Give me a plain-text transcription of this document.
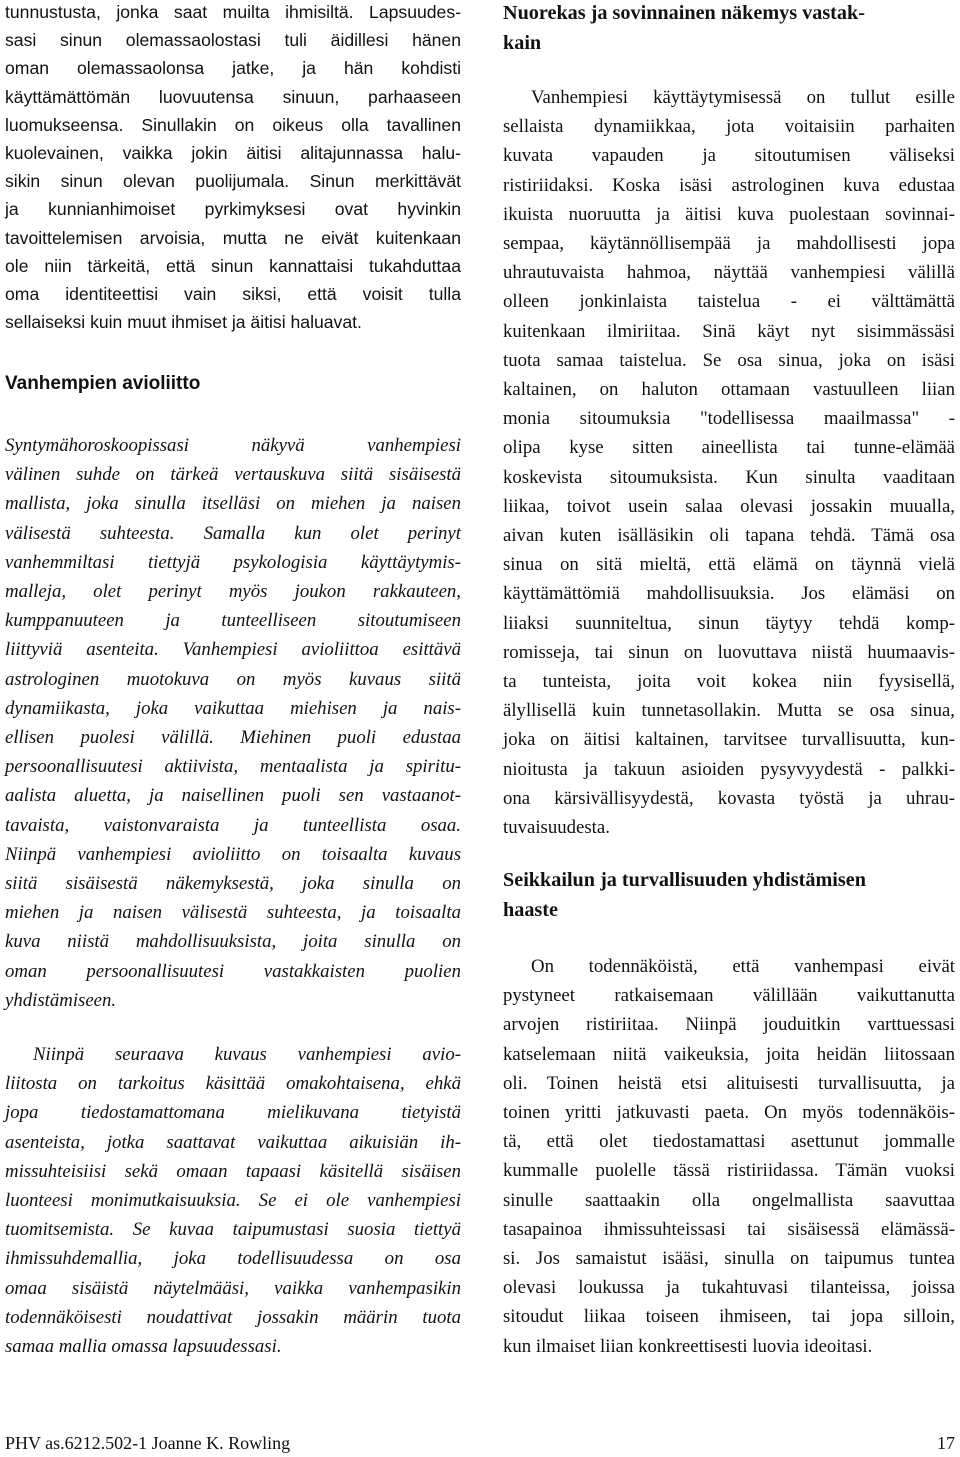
tunnustusta, jonka saat muilta ihmisiltä. Lapsuudes-
sasi sinun olemassaolostasi tuli äidillesi hänen
oman olemassaolonsa jatke, ja hän kohdisti
käyttämättömän luovuutensa sinuun, parhaaseen
luomukseensa. Sinullakin on oikeus olla tavallinen
kuolevainen, vaikka jokin äitisi alitajunnassa halu-
sikin sinun olevan puolijumala. Sinun merkittävät
ja kunnianhimoiset pyrkimyksesi ovat hyvinkin
tavoittelemisen arvoisia, mutta ne eivät kuitenkaan
ole niin tärkeitä, että sinun kannattaisi tukahduttaa
oma identiteettisi vain siksi, että voisit tulla
sellaiseksi kuin muut ihmiset ja äitisi haluavat.
Vanhempien avioliitto
Syntymähoroskoopissasi näkyvä vanhempiesi
välinen suhde on tärkeä vertauskuva siitä sisäisestä
mallista, joka sinulla itselläsi on miehen ja naisen
välisestä suhteesta. Samalla kun olet perinyt
vanhemmiltasi tiettyjä psykologisia käyttäytymis-
malleja, olet perinyt myös joukon rakkauteen,
kumppanuuteen ja tunteelliseen sitoutumiseen
liittyviä asenteita. Vanhempiesi avioliittoa esittävä
astrologinen muotokuva on myös kuvaus siitä
dynamiikasta, joka vaikuttaa miehisen ja nais-
ellisen puolesi välillä. Miehinen puoli edustaa
persoonallisuutesi aktiivista, mentaalista ja spiritu-
aalista aluetta, ja naisellinen puoli sen vastaanot-
tavaista, vaistonvaraista ja tunteellista osaa.
Niinpä vanhempiesi avioliitto on toisaalta kuvaus
siitä sisäisestä näkemyksestä, joka sinulla on
miehen ja naisen välisestä suhteesta, ja toisaalta
kuva niistä mahdollisuuksista, joita sinulla on
oman persoonallisuutesi vastakkaisten puolien
yhdistämiseen.
Niinpä seuraava kuvaus vanhempiesi avio-
liitosta on tarkoitus käsittää omakohtaisena, ehkä
jopa tiedostamattomana mielikuvana tietyistä
asenteista, jotka saattavat vaikuttaa aikuisiän ih-
missuhteisiisi sekä omaan tapaasi käsitellä sisäisen
luonteesi monimutkaisuuksia. Se ei ole vanhempiesi
tuomitsemista. Se kuvaa taipumustasi suosia tiettyä
ihmissuhdemallia, joka todellisuudessa on osa
omaa sisäistä näytelmääsi, vaikka vanhempasikin
todennäköisesti noudattivat jossakin määrin tuota
samaa mallia omassa lapsuudessasi.
Nuorekas ja sovinnainen näkemys vastak-
kain
Vanhempiesi käyttäytymisessä on tullut esille
sellaista dynamiikkaa, jota voitaisiin parhaiten
kuvata vapauden ja sitoutumisen väliseksi
ristiriidaksi. Koska isäsi astrologinen kuva edustaa
ikuista nuoruutta ja äitisi kuva puolestaan sovinnai-
sempaa, käytännöllisempää ja mahdollisesti jopa
uhrautuvaista hahmoa, näyttää vanhempiesi välillä
olleen jonkinlaista taistelua - ei välttämättä
kuitenkaan ilmiriitaa. Sinä käyt nyt sisimmässäsi
tuota samaa taistelua. Se osa sinua, joka on isäsi
kaltainen, on haluton ottamaan vastuulleen liian
monia sitoumuksia "todellisessa maailmassa" -
olipa kyse sitten aineellista tai tunne-elämää
koskevista sitoumuksista. Kun sinulta vaaditaan
liikaa, toivot usein salaa olevasi jossakin muualla,
aivan kuten isälläsikin oli tapana tehdä. Tämä osa
sinua on sitä mieltä, että elämä on täynnä vielä
käyttämättömiä mahdollisuuksia. Jos elämäsi on
liiaksi suunniteltua, sinun täytyy tehdä komp-
romisseja, tai sinun on luovuttava niistä huumaavis-
ta tunteista, joita voit kokea niin fyysisellä,
älyllisellä kuin tunnetasollakin. Mutta se osa sinua,
joka on äitisi kaltainen, tarvitsee turvallisuutta, kun-
nioitusta ja takuun asioiden pysyvyydestä - palkki-
ona kärsivällisyydestä, kovasta työstä ja uhrau-
tuvaisuudesta.
Seikkailun ja turvallisuuden yhdistämisen
haaste
On todennäköistä, että vanhempasi eivät
pystyneet ratkaisemaan välillään vaikuttanutta
arvojen ristiriitaa. Niinpä jouduitkin varttuessasi
katselemaan niitä vaikeuksia, joita heidän liitossaan
oli. Toinen heistä etsi alituisesti turvallisuutta, ja
toinen yritti jatkuvasti paeta. On myös todennäköis-
tä, että olet tiedostamattasi asettunut jommalle
kummalle puolelle tässä ristiriidassa. Tämän vuoksi
sinulle saattaakin olla ongelmallista saavuttaa
tasapainoa ihmissuhteissasi tai sisäisessä elämässä-
si. Jos samaistut isääsi, sinulla on taipumus tuntea
olevasi loukussa ja tukahtuvasi tilanteissa, joissa
sitoudut liikaa toiseen ihmiseen, tai jopa silloin,
kun ilmaiset liian konkreettisesti luovia ideoitasi.
PHV as.6212.502-1 Joanne K. Rowling	17
